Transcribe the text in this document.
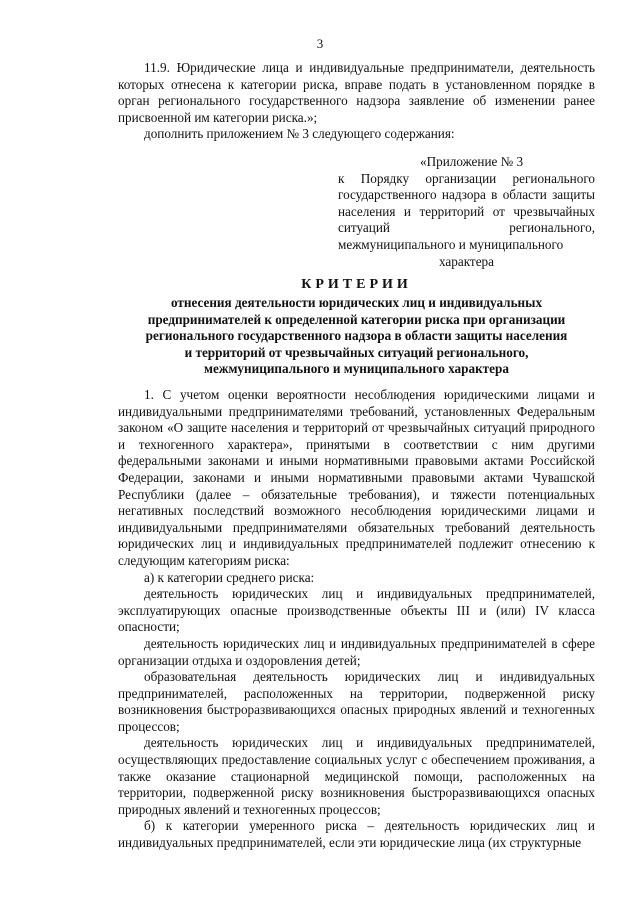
3

11.9. Юридические лица и индивидуальные предприниматели, деятельность которых отнесена к категории риска, вправе подать в установленном порядке в орган регионального государственного надзора заявление об изменении ранее присвоенной им категории риска.»;

дополнить приложением № 3 следующего содержания:

«Приложение № 3
к Порядку организации регионального государственного надзора в области защиты населения и территорий от чрезвычайных ситуаций регионального, межмуниципального и муниципального
характера
КРИТЕРИИ
отнесения деятельности юридических лиц и индивидуальных
предпринимателей к определенной категории риска при организации
регионального государственного надзора в области защиты населения
и территорий от чрезвычайных ситуаций регионального,
межмуниципального и муниципального характера

1. С учетом оценки вероятности несоблюдения юридическими лицами и индивидуальными предпринимателями требований, установленных Федеральным законом «О защите населения и территорий от чрезвычайных ситуаций природного и техногенного характера», принятыми в соответствии с ним другими федеральными законами и иными нормативными правовыми актами Российской Федерации, законами и иными нормативными правовыми актами Чувашской Республики (далее – обязательные требования), и тяжести потенциальных негативных последствий возможного несоблюдения юридическими лицами и индивидуальными предпринимателями обязательных требований деятельность юридических лиц и индивидуальных предпринимателей подлежит отнесению к следующим категориям риска:

а) к категории среднего риска:

деятельность юридических лиц и индивидуальных предпринимателей, эксплуатирующих опасные производственные объекты III и (или) IV класса опасности;

деятельность юридических лиц и индивидуальных предпринимателей в сфере организации отдыха и оздоровления детей;

образовательная деятельность юридических лиц и индивидуальных предпринимателей, расположенных на территории, подверженной риску возникновения быстроразвивающихся опасных природных явлений и техногенных процессов;

деятельность юридических лиц и индивидуальных предпринимателей, осуществляющих предоставление социальных услуг с обеспечением проживания, а также оказание стационарной медицинской помощи, расположенных на территории, подверженной риску возникновения быстроразвивающихся опасных природных явлений и техногенных процессов;

б) к категории умеренного риска – деятельность юридических лиц и индивидуальных предпринимателей, если эти юридические лица (их структурные
